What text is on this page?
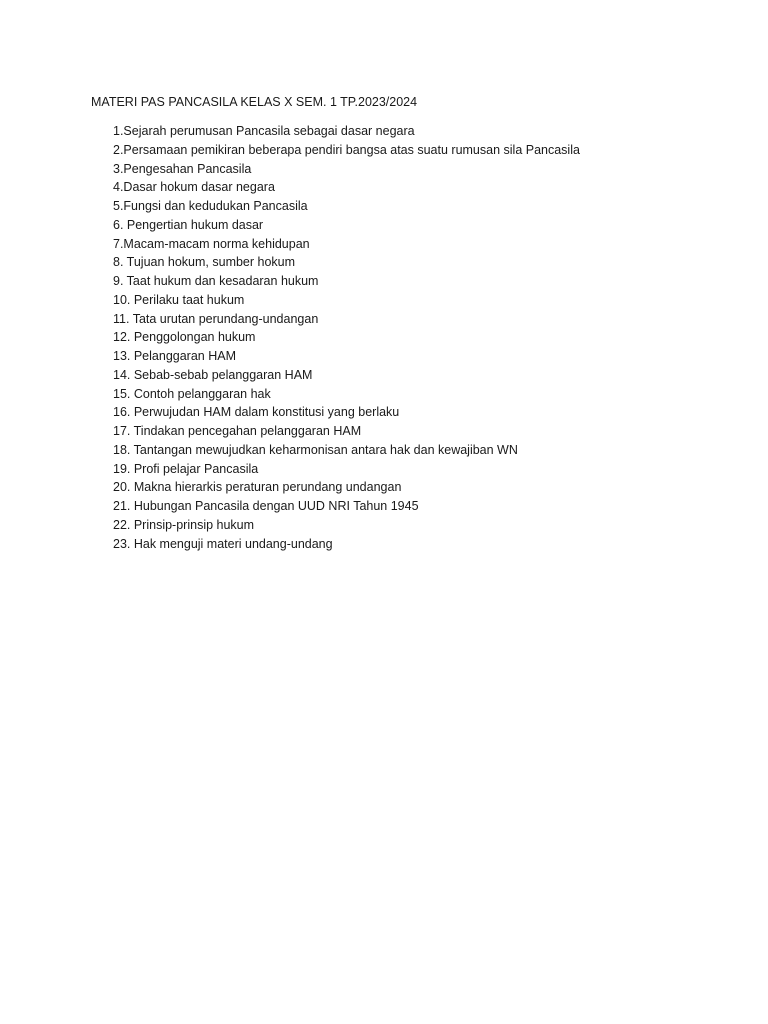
MATERI PAS PANCASILA KELAS X SEM. 1 TP.2023/2024
1.Sejarah perumusan Pancasila sebagai dasar negara
2.Persamaan pemikiran beberapa pendiri bangsa atas suatu rumusan sila Pancasila
3.Pengesahan Pancasila
4.Dasar hokum dasar negara
5.Fungsi dan kedudukan Pancasila
6. Pengertian hukum dasar
7.Macam-macam norma kehidupan
8. Tujuan hokum, sumber hokum
9. Taat hukum dan kesadaran hukum
10. Perilaku taat hukum
11. Tata urutan perundang-undangan
12. Penggolongan hukum
13. Pelanggaran HAM
14. Sebab-sebab pelanggaran HAM
15. Contoh pelanggaran hak
16. Perwujudan HAM dalam konstitusi yang berlaku
17. Tindakan pencegahan pelanggaran HAM
18. Tantangan mewujudkan keharmonisan antara hak dan kewajiban WN
19. Profi pelajar Pancasila
20. Makna hierarkis peraturan perundang undangan
21. Hubungan Pancasila dengan UUD NRI Tahun 1945
22. Prinsip-prinsip hukum
23. Hak menguji materi undang-undang
